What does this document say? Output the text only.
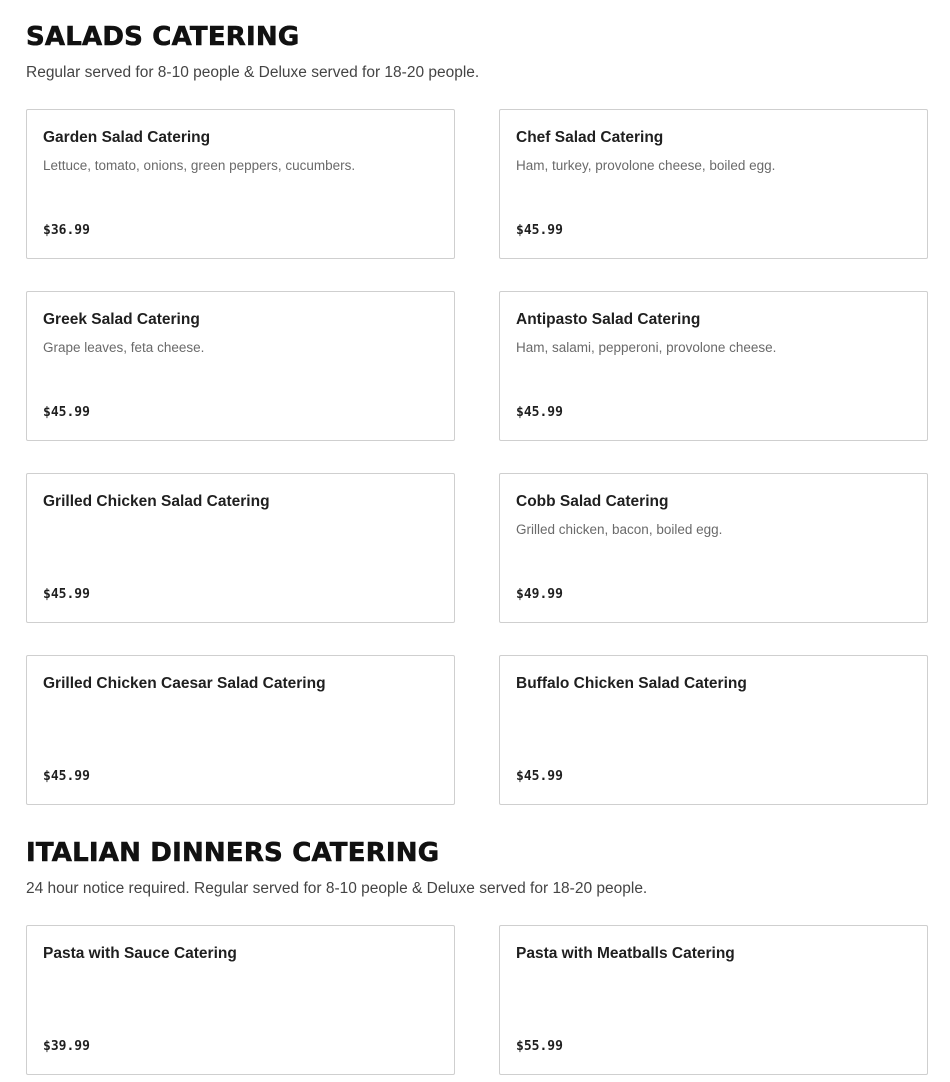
SALADS CATERING

Regular served for 8-10 people & Deluxe served for 18-20 people.

Garden Salad Catering
Lettuce, tomato, onions, green peppers, cucumbers.
$36.99
Chef Salad Catering
Ham, turkey, provolone cheese, boiled egg.
$45.99
Greek Salad Catering
Grape leaves, feta cheese.
$45.99
Antipasto Salad Catering
Ham, salami, pepperoni, provolone cheese.
$45.99
Grilled Chicken Salad Catering
$45.99
Cobb Salad Catering
Grilled chicken, bacon, boiled egg.
$49.99
Grilled Chicken Caesar Salad Catering
$45.99
Buffalo Chicken Salad Catering
$45.99
ITALIAN DINNERS CATERING

24 hour notice required. Regular served for 8-10 people & Deluxe served for 18-20 people.

Pasta with Sauce Catering
$39.99
Pasta with Meatballs Catering
$55.99
